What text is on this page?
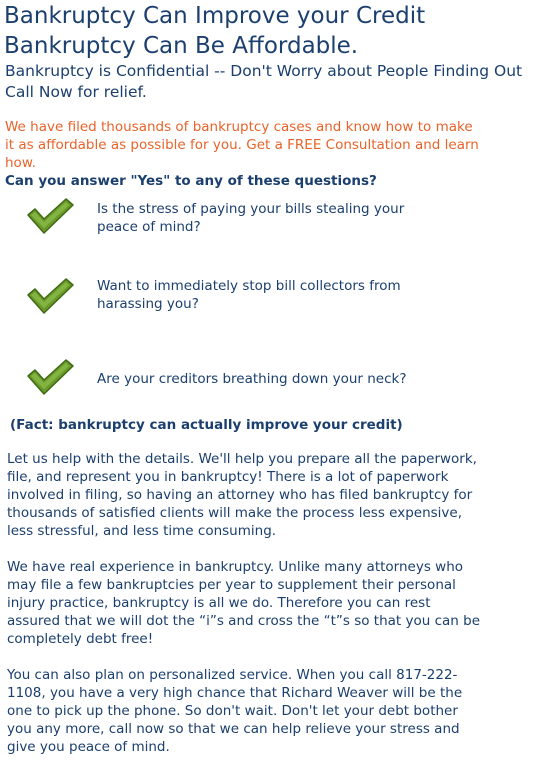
Bankruptcy Can Improve your Credit
Bankruptcy Can Be Affordable.
Bankruptcy is Confidential -- Don't Worry about People Finding Out
Call Now for relief.
We have filed thousands of bankruptcy cases and know how to make it as affordable as possible for you. Get a FREE Consultation and learn how.
Can you answer "Yes" to any of these questions?
Is the stress of paying your bills stealing your peace of mind?
Want to immediately stop bill collectors from harassing you?
Are your creditors breathing down your neck?
(Fact: bankruptcy can actually improve your credit)

Let us help with the details. We'll help you prepare all the paperwork, file, and represent you in bankruptcy! There is a lot of paperwork involved in filing, so having an attorney who has filed bankruptcy for thousands of satisfied clients will make the process less expensive, less stressful, and less time consuming.

We have real experience in bankruptcy. Unlike many attorneys who may file a few bankruptcies per year to supplement their personal injury practice, bankruptcy is all we do. Therefore you can rest assured that we will dot the “i”s and cross the “t”s so that you can be completely debt free!

You can also plan on personalized service. When you call 817-222-1108, you have a very high chance that Richard Weaver will be the one to pick up the phone. So don't wait. Don't let your debt bother you any more, call now so that we can help relieve your stress and give you peace of mind.
